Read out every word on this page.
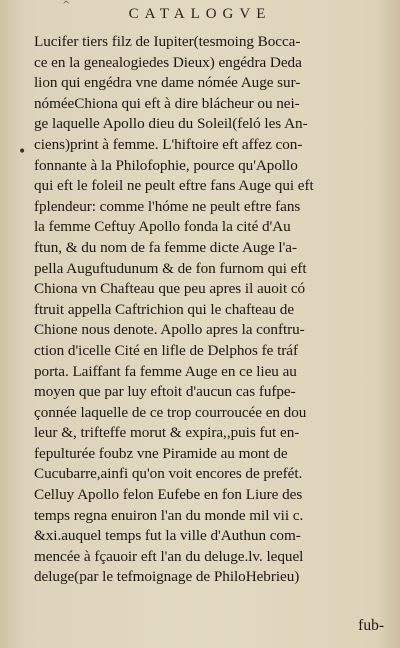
^
CATALOGVE
•
Lucifer tiers filz de Iupiter(tesmoing Bocca-
ce en la genealogiedes Dieux) engédra Deda
lion qui engédra vne dame nómée Auge sur-
nóméeChiona qui eft à dire blácheur ou nei-
ge laquelle Apollo dieu du Soleil(feló les An-
ciens)print à femme. L'hiftoire eft affez con-
fonnante à la Philofophie, pource qu'Apollo
qui eft le foleil ne peult eftre fans Auge qui eft
fplendeur: comme l'hóme ne peult eftre fans
la femme Ceftuy Apollo fonda la cité d'Au
ftun, & du nom de fa femme dicte Auge l'a-
pella Auguftudunum & de fon furnom qui eft
Chiona vn Chafteau que peu apres il auoit có
ftruit appella Caftrichion qui le chafteau de
Chione nous denote. Apollo apres la conftru-
ction d'icelle Cité en lifle de Delphos fe tráf
porta. Laiffant fa femme Auge en ce lieu au
moyen que par luy eftoit d'aucun cas fufpe-
çonnée laquelle de ce trop courroucée en dou
leur &, trifteffe morut & expira,,puis fut en-
fepulturée foubz vne Piramide au mont de
Cucubarre,ainfi qu'on voit encores de prefét.
Celluy Apollo felon Eufebe en fon Liure des
temps regna enuiron l'an du monde mil vii c.
&xi.auquel temps fut la ville d'Authun com-
mencée à fçauoir eft l'an du deluge.lv. lequel
deluge(par le tefmoignage de PhiloHebrieu)
fub-
